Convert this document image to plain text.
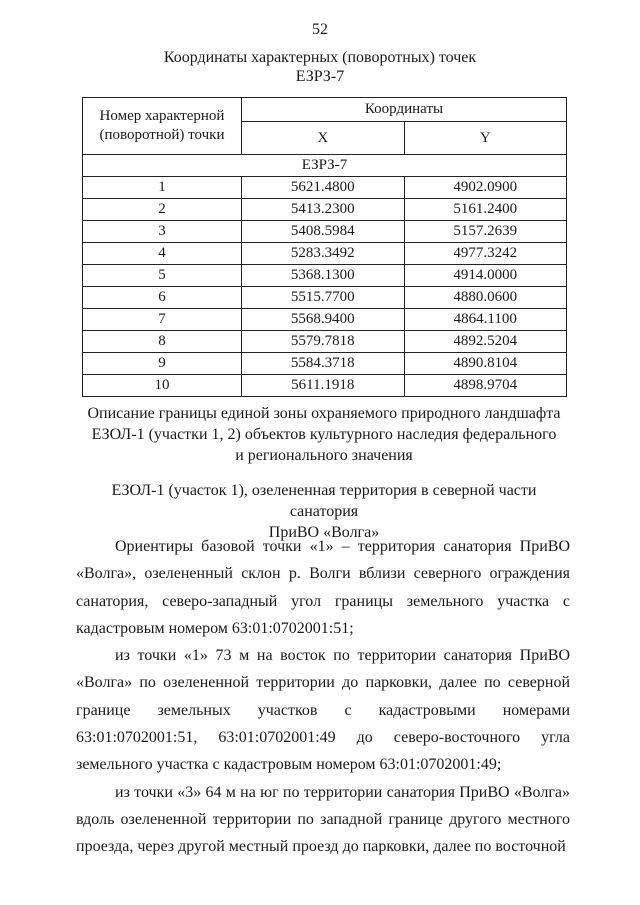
52
Координаты характерных (поворотных) точек
ЕЗРЗ-7
Номер характерной
(поворотной) точки	Координаты	
	X	Y
ЕЗРЗ-7		
1	5621.4800	4902.0900
2	5413.2300	5161.2400
3	5408.5984	5157.2639
4	5283.3492	4977.3242
5	5368.1300	4914.0000
6	5515.7700	4880.0600
7	5568.9400	4864.1100
8	5579.7818	4892.5204
9	5584.3718	4890.8104
10	5611.1918	4898.9704
Описание границы единой зоны охраняемого природного ландшафта
ЕЗОЛ-1 (участки 1, 2) объектов культурного наследия федерального
и регионального значения
ЕЗОЛ-1 (участок 1), озелененная территория в северной части санатория
ПриВО «Волга»

Ориентиры базовой точки «1» – территория санатория ПриВО «Волга», озелененный склон р. Волги вблизи северного ограждения санатория, северо-западный угол границы земельного участка с кадастровым номером 63:01:0702001:51;

из точки «1» 73 м на восток по территории санатория ПриВО «Волга» по озелененной территории до парковки, далее по северной границе земельных участков с кадастровыми номерами 63:01:0702001:51, 63:01:0702001:49 до северо-восточного угла земельного участка с кадастровым номером 63:01:0702001:49;

из точки «3» 64 м на юг по территории санатория ПриВО «Волга» вдоль озелененной территории по западной границе другого местного проезда, через другой местный проезд до парковки, далее по восточной
